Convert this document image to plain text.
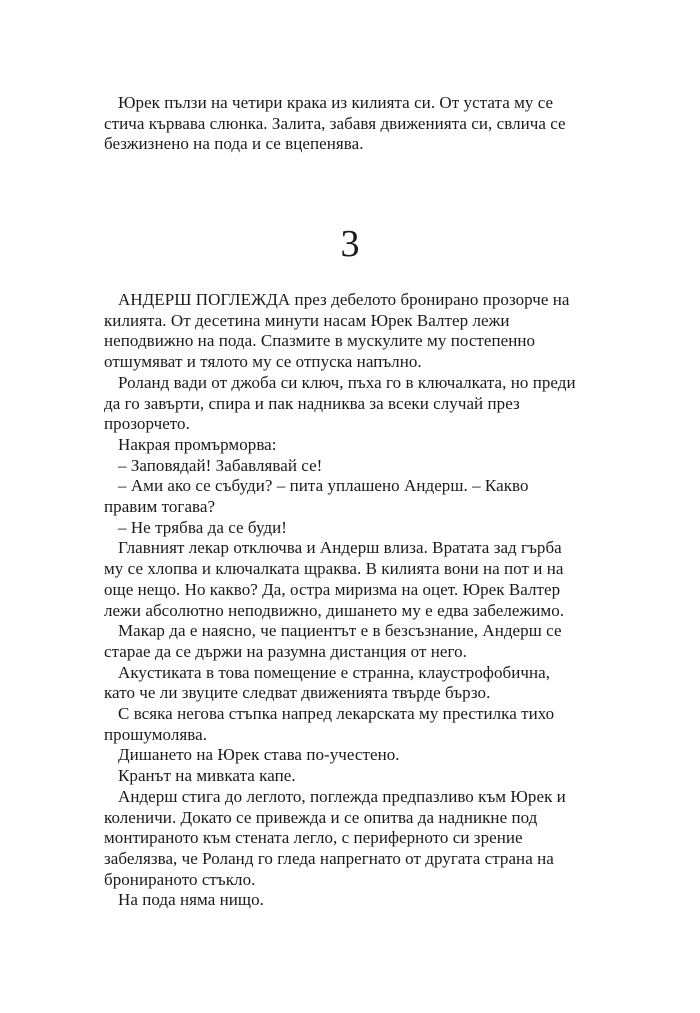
Юрек пълзи на четири крака из килията си. От устата му се
стича кървава слюнка. Залита, забавя движенията си, свлича се
безжизнено на пода и се вцепенява.
3
АНДЕРШ ПОГЛЕЖДА през дебелото бронирано прозорче на
килията. От десетина минути насам Юрек Валтер лежи
неподвижно на пода. Спазмите в мускулите му постепенно
отшумяват и тялото му се отпуска напълно.
Роланд вади от джоба си ключ, пъха го в ключалката, но преди
да го завърти, спира и пак надниква за всеки случай през
прозорчето.
Накрая промърморва:
– Заповядай! Забавлявай се!
– Ами ако се събуди? – пита уплашено Андерш. – Какво
правим тогава?
– Не трябва да се буди!
Главният лекар отключва и Андерш влиза. Вратата зад гърба
му се хлопва и ключалката щраква. В килията вони на пот и на
още нещо. Но какво? Да, остра миризма на оцет. Юрек Валтер
лежи абсолютно неподвижно, дишането му е едва забележимо.
Макар да е наясно, че пациентът е в безсъзнание, Андерш се
старае да се държи на разумна дистанция от него.
Акустиката в това помещение е странна, клаустрофобична,
като че ли звуците следват движенията твърде бързо.
С всяка негова стъпка напред лекарската му престилка тихо
прошумолява.
Дишането на Юрек става по-учестено.
Кранът на мивката капе.
Андерш стига до леглото, поглежда предпазливо към Юрек и
коленичи. Докато се привежда и се опитва да надникне под
монтираното към стената легло, с периферното си зрение
забелязва, че Роланд го гледа напрегнато от другата страна на
бронираното стъкло.
На пода няма нищо.
